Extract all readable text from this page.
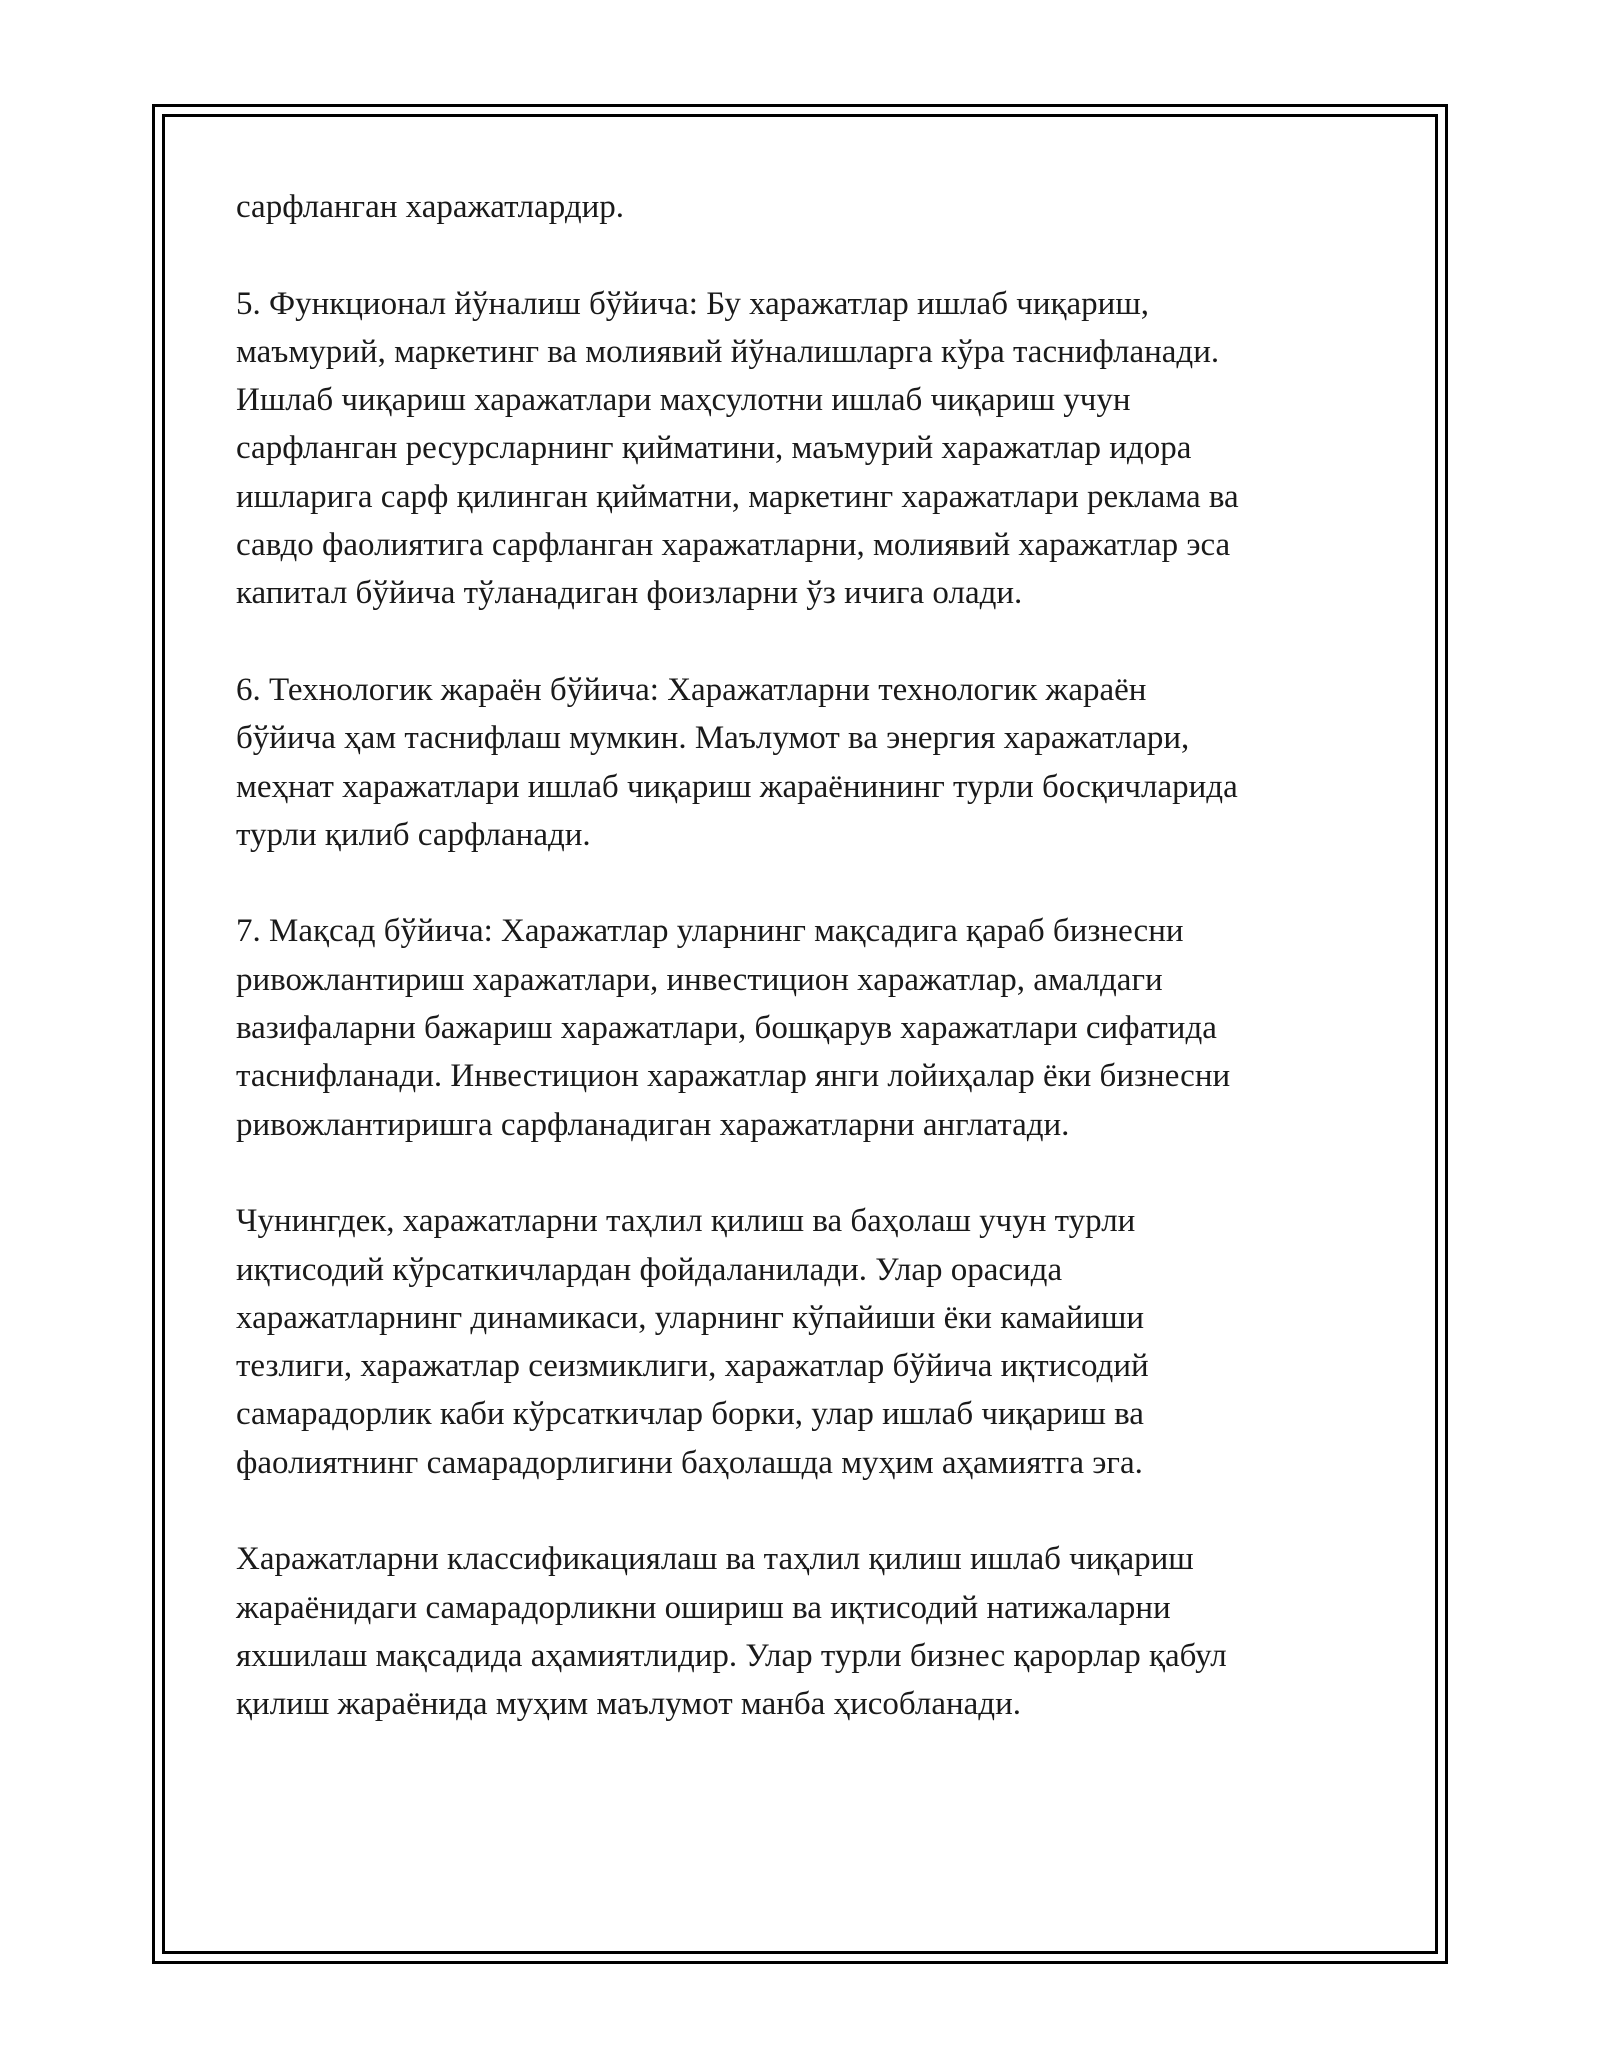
сарфланган харажатлардир.

5. Функционал йўналиш бўйича: Бу харажатлар ишлаб чиқариш,
маъмурий, маркетинг ва молиявий йўналишларга кўра таснифланади.
Ишлаб чиқариш харажатлари маҳсулотни ишлаб чиқариш учун
сарфланган ресурсларнинг қийматини, маъмурий харажатлар идора
ишларига сарф қилинган қийматни, маркетинг харажатлари реклама ва
савдо фаолиятига сарфланган харажатларни, молиявий харажатлар эса
капитал бўйича тўланадиган фоизларни ўз ичига олади.

6. Технологик жараён бўйича: Харажатларни технологик жараён
бўйича ҳам таснифлаш мумкин. Маълумот ва энергия харажатлари,
меҳнат харажатлари ишлаб чиқариш жараёнининг турли босқичларида
турли қилиб сарфланади.

7. Мақсад бўйича: Харажатлар уларнинг мақсадига қараб бизнесни
ривожлантириш харажатлари, инвестицион харажатлар, амалдаги
вазифаларни бажариш харажатлари, бошқарув харажатлари сифатида
таснифланади. Инвестицион харажатлар янги лойиҳалар ёки бизнесни
ривожлантиришга сарфланадиган харажатларни англатади.

Чунингдек, харажатларни таҳлил қилиш ва баҳолаш учун турли
иқтисодий кўрсаткичлардан фойдаланилади. Улар орасида
харажатларнинг динамикаси, уларнинг кўпайиши ёки камайиши
тезлиги, харажатлар сеизмиклиги, харажатлар бўйича иқтисодий
самарадорлик каби кўрсаткичлар борки, улар ишлаб чиқариш ва
фаолиятнинг самарадорлигини баҳолашда муҳим аҳамиятга эга.

Харажатларни классификациялаш ва таҳлил қилиш ишлаб чиқариш
жараёнидаги самарадорликни ошириш ва иқтисодий натижаларни
яхшилаш мақсадида аҳамиятлидир. Улар турли бизнес қарорлар қабул
қилиш жараёнида муҳим маълумот манба ҳисобланади.
